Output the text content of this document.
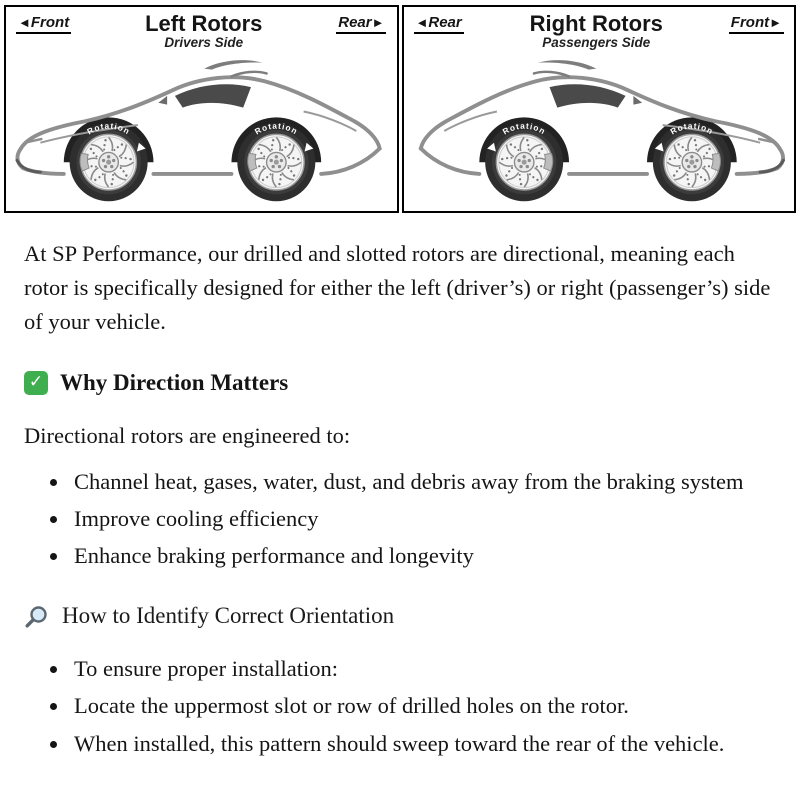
◄Front	Left Rotors
Drivers Side
Rear►
Rotation	Rotation
◄Rear	Right Rotors
Passengers Side
Front►
Rotation
Rotation

At SP Performance, our drilled and slotted rotors are directional, meaning each rotor is specifically designed for either the left (driver’s) or right (passenger’s) side of your vehicle.

✓
Why Direction Matters

Directional rotors are engineered to:

• Channel heat, gases, water, dust, and debris away from the braking system
• Improve cooling efficiency
• Enhance braking performance and longevity
How to Identify Correct Orientation
• To ensure proper installation:
• Locate the uppermost slot or row of drilled holes on the rotor.
• When installed, this pattern should sweep toward the rear of the vehicle.
